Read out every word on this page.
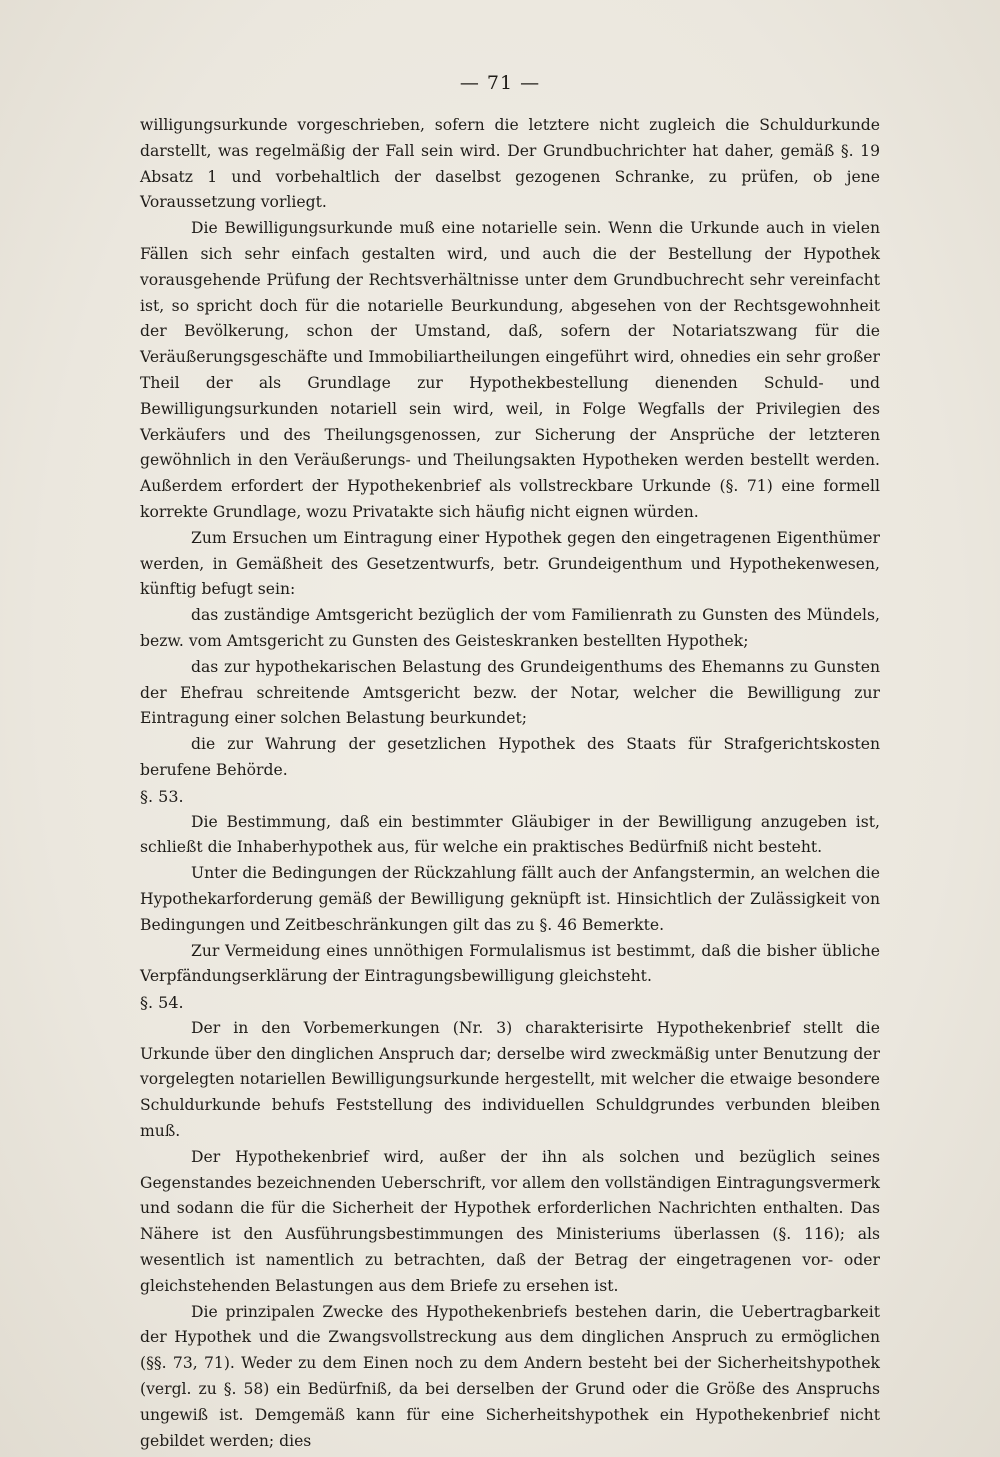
— 71 —

willigungsurkunde vorgeschrieben, sofern die letztere nicht zugleich die Schuldurkunde darstellt, was regelmäßig der Fall sein wird. Der Grundbuchrichter hat daher, gemäß §. 19 Absatz 1 und vorbehaltlich der daselbst gezogenen Schranke, zu prüfen, ob jene Voraussetzung vorliegt.

Die Bewilligungsurkunde muß eine notarielle sein. Wenn die Urkunde auch in vielen Fällen sich sehr einfach gestalten wird, und auch die der Bestellung der Hypothek vorausgehende Prüfung der Rechtsverhältnisse unter dem Grundbuchrecht sehr vereinfacht ist, so spricht doch für die notarielle Beurkundung, abgesehen von der Rechtsgewohnheit der Bevölkerung, schon der Umstand, daß, sofern der Notariatszwang für die Veräußerungsgeschäfte und Immobiliartheilungen eingeführt wird, ohnedies ein sehr großer Theil der als Grundlage zur Hypothekbestellung dienenden Schuld- und Bewilligungsurkunden notariell sein wird, weil, in Folge Wegfalls der Privilegien des Verkäufers und des Theilungsgenossen, zur Sicherung der Ansprüche der letzteren gewöhnlich in den Veräußerungs- und Theilungsakten Hypotheken werden bestellt werden. Außerdem erfordert der Hypothekenbrief als vollstreckbare Urkunde (§. 71) eine formell korrekte Grundlage, wozu Privatakte sich häufig nicht eignen würden.

Zum Ersuchen um Eintragung einer Hypothek gegen den eingetragenen Eigenthümer werden, in Gemäßheit des Gesetzentwurfs, betr. Grundeigenthum und Hypothekenwesen, künftig befugt sein:

das zuständige Amtsgericht bezüglich der vom Familienrath zu Gunsten des Mündels, bezw. vom Amtsgericht zu Gunsten des Geisteskranken bestellten Hypothek;

das zur hypothekarischen Belastung des Grundeigenthums des Ehemanns zu Gunsten der Ehefrau schreitende Amtsgericht bezw. der Notar, welcher die Bewilligung zur Eintragung einer solchen Belastung beurkundet;

die zur Wahrung der gesetzlichen Hypothek des Staats für Strafgerichtskosten berufene Behörde.

§. 53.

Die Bestimmung, daß ein bestimmter Gläubiger in der Bewilligung anzugeben ist, schließt die Inhaberhypothek aus, für welche ein praktisches Bedürfniß nicht besteht.

Unter die Bedingungen der Rückzahlung fällt auch der Anfangstermin, an welchen die Hypothekarforderung gemäß der Bewilligung geknüpft ist. Hinsichtlich der Zulässigkeit von Bedingungen und Zeitbeschränkungen gilt das zu §. 46 Bemerkte.

Zur Vermeidung eines unnöthigen Formulalismus ist bestimmt, daß die bisher übliche Verpfändungserklärung der Eintragungsbewilligung gleichsteht.

§. 54.

Der in den Vorbemerkungen (Nr. 3) charakterisirte Hypothekenbrief stellt die Urkunde über den dinglichen Anspruch dar; derselbe wird zweckmäßig unter Benutzung der vorgelegten notariellen Bewilligungsurkunde hergestellt, mit welcher die etwaige besondere Schuldurkunde behufs Feststellung des individuellen Schuldgrundes verbunden bleiben muß.

Der Hypothekenbrief wird, außer der ihn als solchen und bezüglich seines Gegenstandes bezeichnenden Ueberschrift, vor allem den vollständigen Eintragungsvermerk und sodann die für die Sicherheit der Hypothek erforderlichen Nachrichten enthalten. Das Nähere ist den Ausführungsbestimmungen des Ministeriums überlassen (§. 116); als wesentlich ist namentlich zu betrachten, daß der Betrag der eingetragenen vor- oder gleichstehenden Belastungen aus dem Briefe zu ersehen ist.

Die prinzipalen Zwecke des Hypothekenbriefs bestehen darin, die Uebertragbarkeit der Hypothek und die Zwangsvollstreckung aus dem dinglichen Anspruch zu ermöglichen (§§. 73, 71). Weder zu dem Einen noch zu dem Andern besteht bei der Sicherheitshypothek (vergl. zu §. 58) ein Bedürfniß, da bei derselben der Grund oder die Größe des Anspruchs ungewiß ist. Demgemäß kann für eine Sicherheitshypothek ein Hypothekenbrief nicht gebildet werden; dies
